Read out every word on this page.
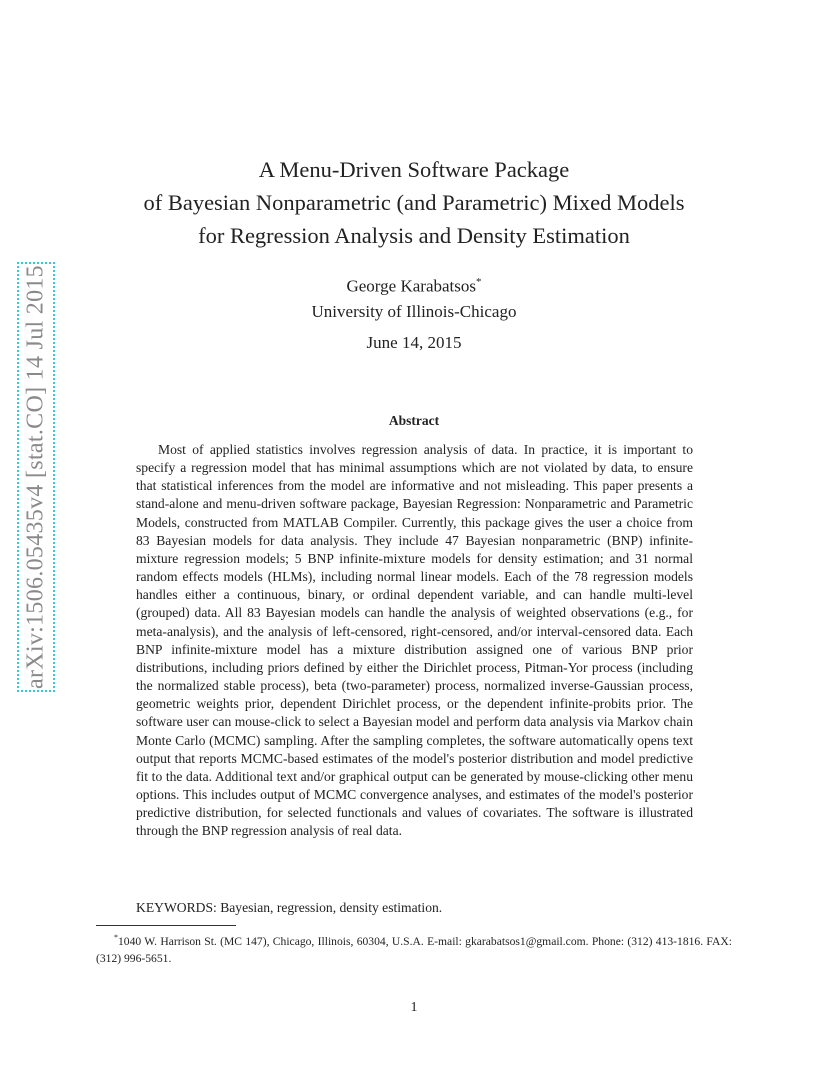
arXiv:1506.05435v4 [stat.CO] 14 Jul 2015
A Menu-Driven Software Package
of Bayesian Nonparametric (and Parametric) Mixed Models
for Regression Analysis and Density Estimation
George Karabatsos*
University of Illinois-Chicago
June 14, 2015
Abstract

Most of applied statistics involves regression analysis of data. In practice, it is important to specify a regression model that has minimal assumptions which are not violated by data, to ensure that statistical inferences from the model are informative and not misleading. This paper presents a stand-alone and menu-driven software package, Bayesian Regression: Nonparametric and Parametric Models, constructed from MATLAB Compiler. Currently, this package gives the user a choice from 83 Bayesian models for data analysis. They include 47 Bayesian nonparametric (BNP) infinite-mixture regression models; 5 BNP infinite-mixture models for density estimation; and 31 normal random effects models (HLMs), including normal linear models. Each of the 78 regression models handles either a continuous, binary, or ordinal dependent variable, and can handle multi-level (grouped) data. All 83 Bayesian models can handle the analysis of weighted observations (e.g., for meta-analysis), and the analysis of left-censored, right-censored, and/or interval-censored data. Each BNP infinite-mixture model has a mixture distribution assigned one of various BNP prior distributions, including priors defined by either the Dirichlet process, Pitman-Yor process (including the normalized stable process), beta (two-parameter) process, normalized inverse-Gaussian process, geometric weights prior, dependent Dirichlet process, or the dependent infinite-probits prior. The software user can mouse-click to select a Bayesian model and perform data analysis via Markov chain Monte Carlo (MCMC) sampling. After the sampling completes, the software automatically opens text output that reports MCMC-based estimates of the model's posterior distribution and model predictive fit to the data. Additional text and/or graphical output can be generated by mouse-clicking other menu options. This includes output of MCMC convergence analyses, and estimates of the model's posterior predictive distribution, for selected functionals and values of covariates. The software is illustrated through the BNP regression analysis of real data.

KEYWORDS: Bayesian, regression, density estimation.

*1040 W. Harrison St. (MC 147), Chicago, Illinois, 60304, U.S.A. E-mail: gkarabatsos1@gmail.com. Phone: (312) 413-1816. FAX: (312) 996-5651.

1
